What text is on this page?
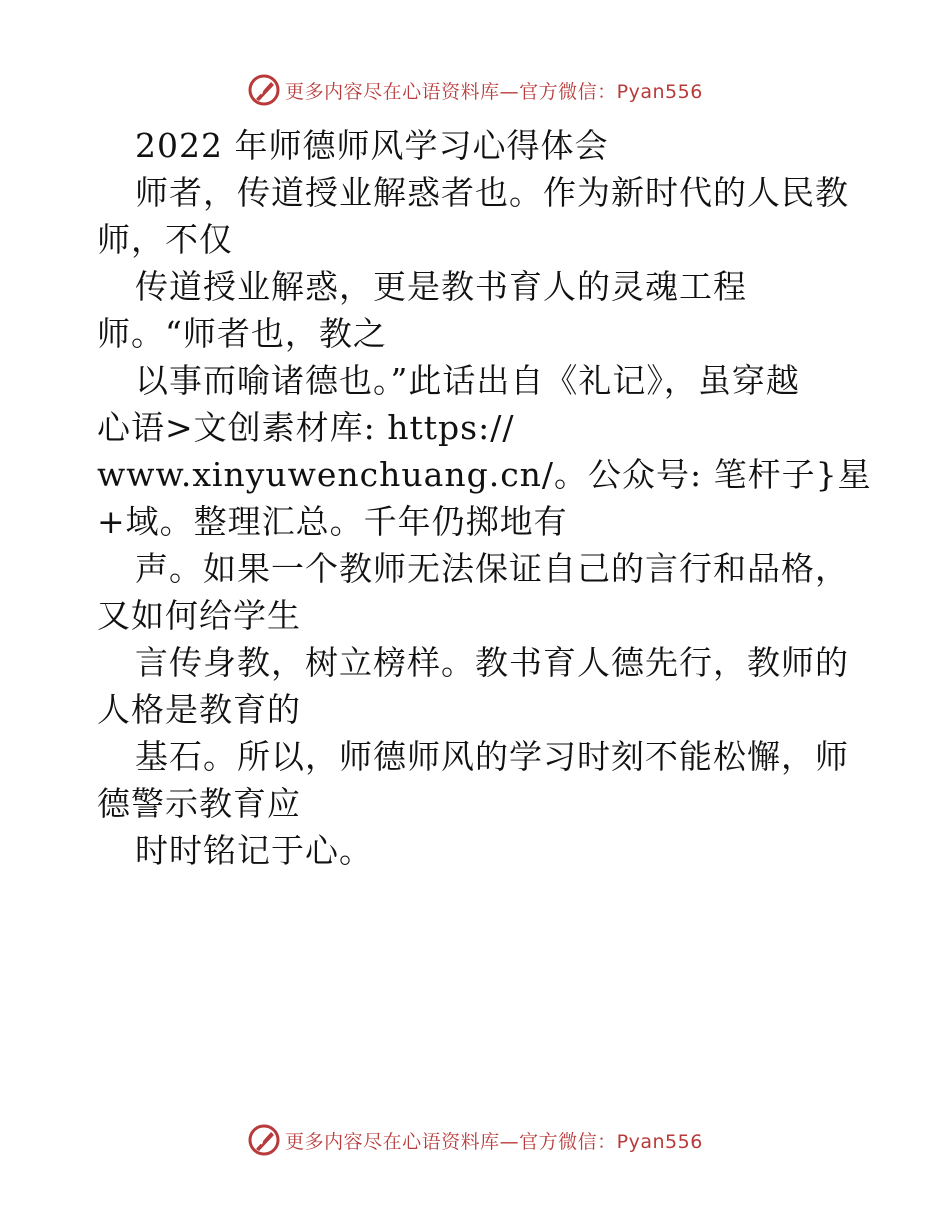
更多内容尽在心语资料库—官方微信：Pyan556
2022 年师德师风学习心得体会
师者，传道授业解惑者也。作为新时代的人民教
师，不仅
传道授业解惑，更是教书育人的灵魂工程
师。“师者也，教之
以事而喻诸德也。”此话出自《礼记》，虽穿越
心语>文创素材库: https://
www.xinyuwenchuang.cn/。公众号: 笔杆子}星
+域。整理汇总。千年仍掷地有
声。如果一个教师无法保证自己的言行和品格，
又如何给学生
言传身教，树立榜样。教书育人德先行，教师的
人格是教育的
基石。所以，师德师风的学习时刻不能松懈，师
德警示教育应
时时铭记于心。
更多内容尽在心语资料库—官方微信：Pyan556
